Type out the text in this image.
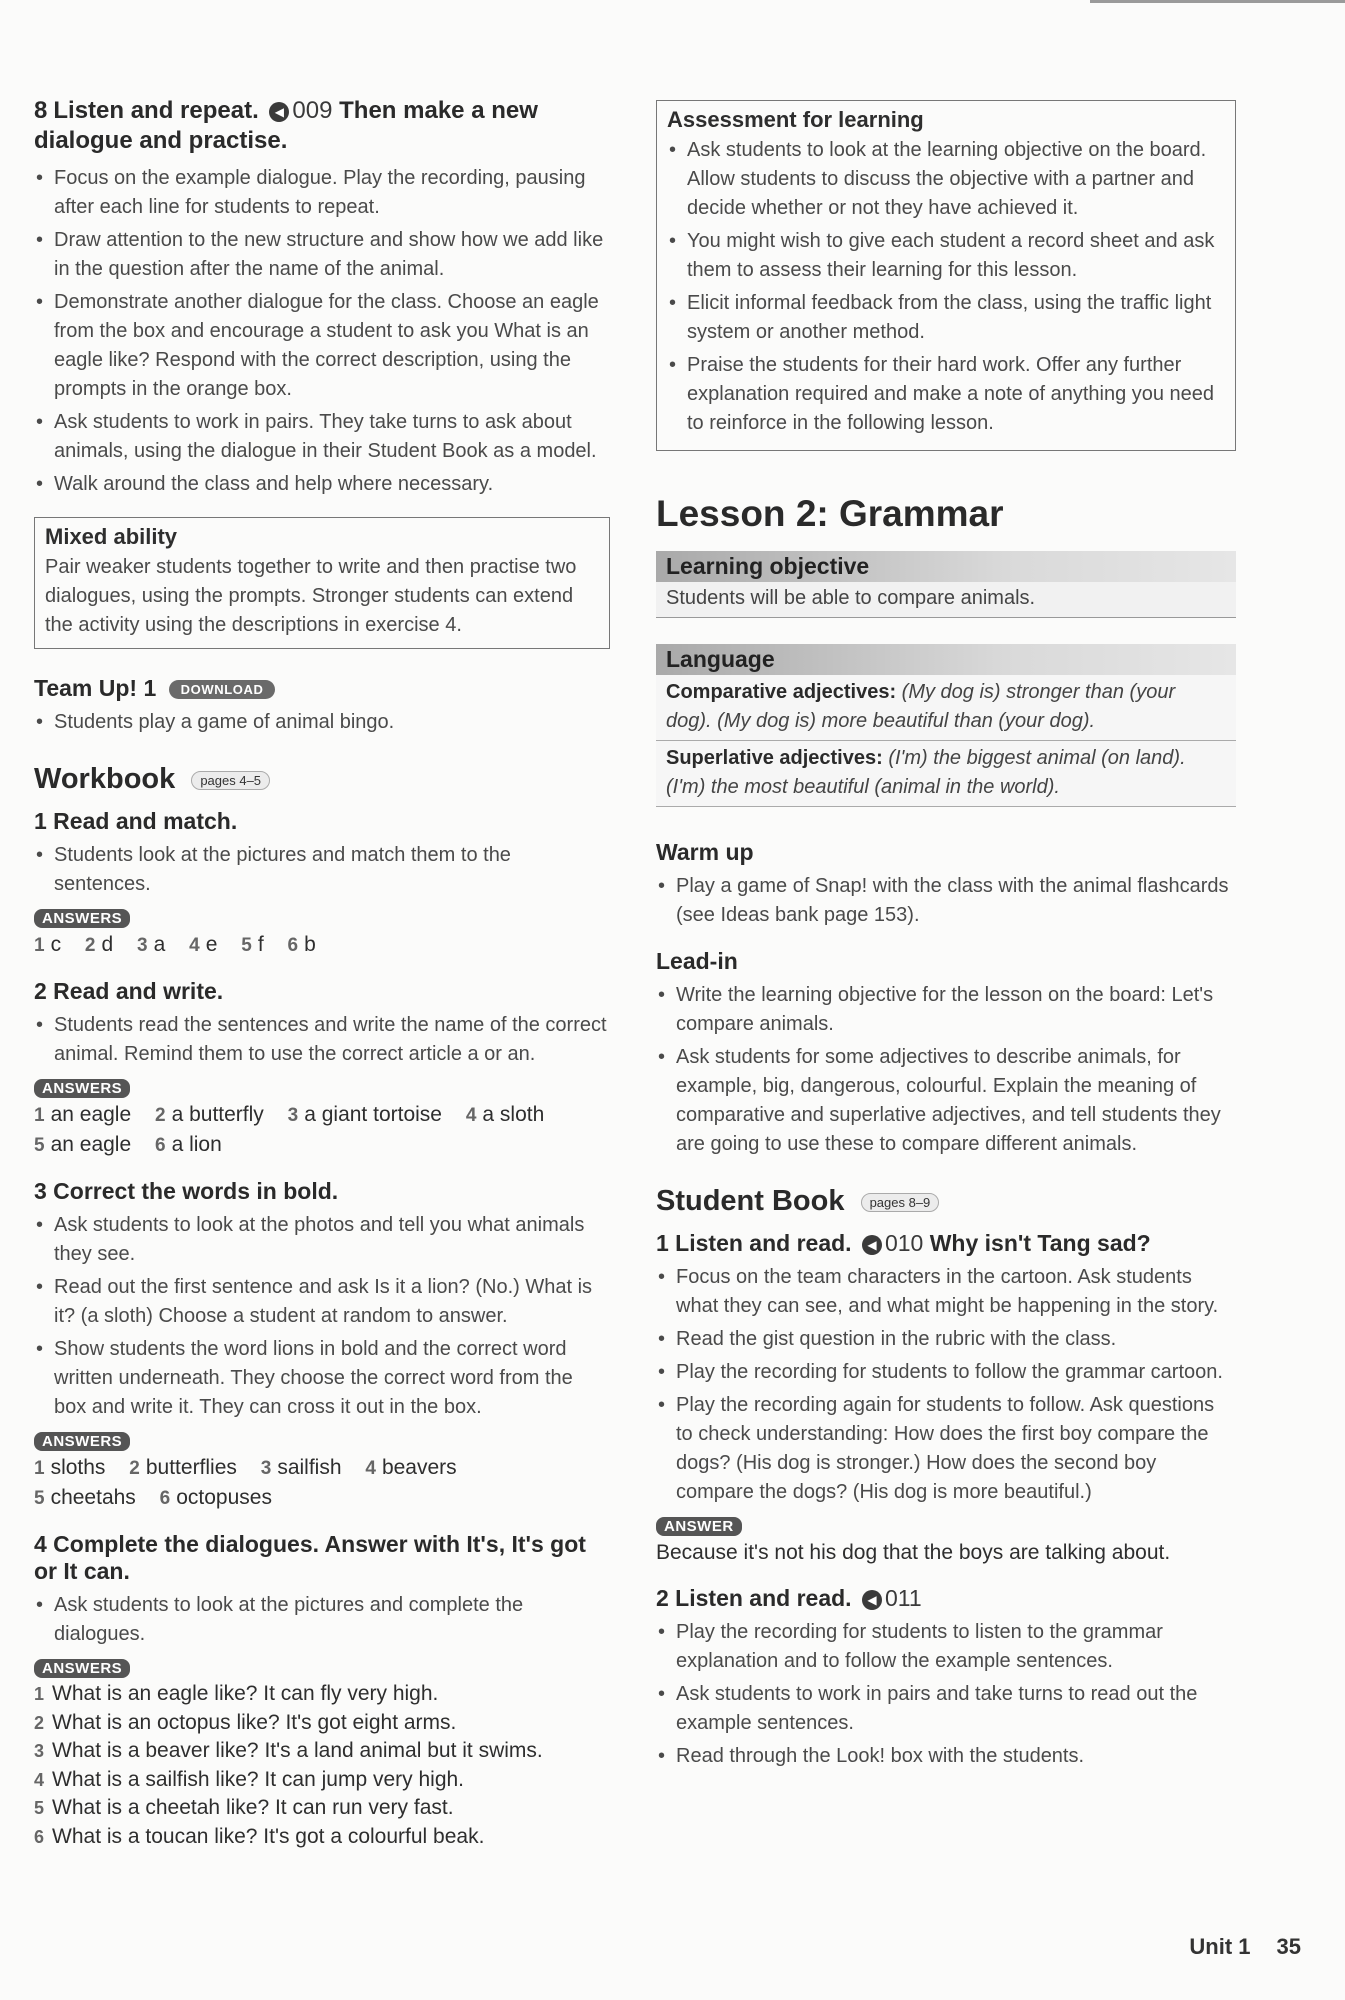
8 Listen and repeat. ◀ 009 Then make a new dialogue and practise.
• Focus on the example dialogue. Play the recording, pausing after each line for students to repeat.
• Draw attention to the new structure and show how we add like in the question after the name of the animal.
• Demonstrate another dialogue for the class. Choose an eagle from the box and encourage a student to ask you What is an eagle like? Respond with the correct description, using the prompts in the orange box.
• Ask students to work in pairs. They take turns to ask about animals, using the dialogue in their Student Book as a model.
• Walk around the class and help where necessary.
Mixed ability
Pair weaker students together to write and then practise two dialogues, using the prompts. Stronger students can extend the activity using the descriptions in exercise 4.
Team Up! 1 DOWNLOAD
• Students play a game of animal bingo.
Workbook pages 4–5
1 Read and match.
• Students look at the pictures and match them to the sentences.
ANSWERS
1 c 2 d 3 a 4 e 5 f 6 b
2 Read and write.
• Students read the sentences and write the name of the correct animal. Remind them to use the correct article a or an.
ANSWERS
1 an eagle 2 a butterfly 3 a giant tortoise 4 a sloth
5 an eagle 6 a lion
3 Correct the words in bold.
• Ask students to look at the photos and tell you what animals they see.
• Read out the first sentence and ask Is it a lion? (No.) What is it? (a sloth) Choose a student at random to answer.
• Show students the word lions in bold and the correct word written underneath. They choose the correct word from the box and write it. They can cross it out in the box.
ANSWERS
1 sloths 2 butterflies 3 sailfish 4 beavers
5 cheetahs 6 octopuses
4 Complete the dialogues. Answer with It's, It's got or It can.
• Ask students to look at the pictures and complete the dialogues.
ANSWERS
1 What is an eagle like? It can fly very high.
2 What is an octopus like? It's got eight arms.
3 What is a beaver like? It's a land animal but it swims.
4 What is a sailfish like? It can jump very high.
5 What is a cheetah like? It can run very fast.
6 What is a toucan like? It's got a colourful beak.
Assessment for learning
• Ask students to look at the learning objective on the board. Allow students to discuss the objective with a partner and decide whether or not they have achieved it.
• You might wish to give each student a record sheet and ask them to assess their learning for this lesson.
• Elicit informal feedback from the class, using the traffic light system or another method.
• Praise the students for their hard work. Offer any further explanation required and make a note of anything you need to reinforce in the following lesson.
Lesson 2: Grammar
Learning objective
Students will be able to compare animals.
Language
Comparative adjectives: (My dog is) stronger than (your dog). (My dog is) more beautiful than (your dog).
Superlative adjectives: (I'm) the biggest animal (on land). (I'm) the most beautiful (animal in the world).
Warm up
• Play a game of Snap! with the class with the animal flashcards (see Ideas bank page 153).
Lead-in
• Write the learning objective for the lesson on the board: Let's compare animals.
• Ask students for some adjectives to describe animals, for example, big, dangerous, colourful. Explain the meaning of comparative and superlative adjectives, and tell students they are going to use these to compare different animals.
Student Book pages 8–9
1 Listen and read. ◀ 010 Why isn't Tang sad?
• Focus on the team characters in the cartoon. Ask students what they can see, and what might be happening in the story.
• Read the gist question in the rubric with the class.
• Play the recording for students to follow the grammar cartoon.
• Play the recording again for students to follow. Ask questions to check understanding: How does the first boy compare the dogs? (His dog is stronger.) How does the second boy compare the dogs? (His dog is more beautiful.)
ANSWER
Because it's not his dog that the boys are talking about.
2 Listen and read. ◀ 011
• Play the recording for students to listen to the grammar explanation and to follow the example sentences.
• Ask students to work in pairs and take turns to read out the example sentences.
• Read through the Look! box with the students.
Unit 1 35
